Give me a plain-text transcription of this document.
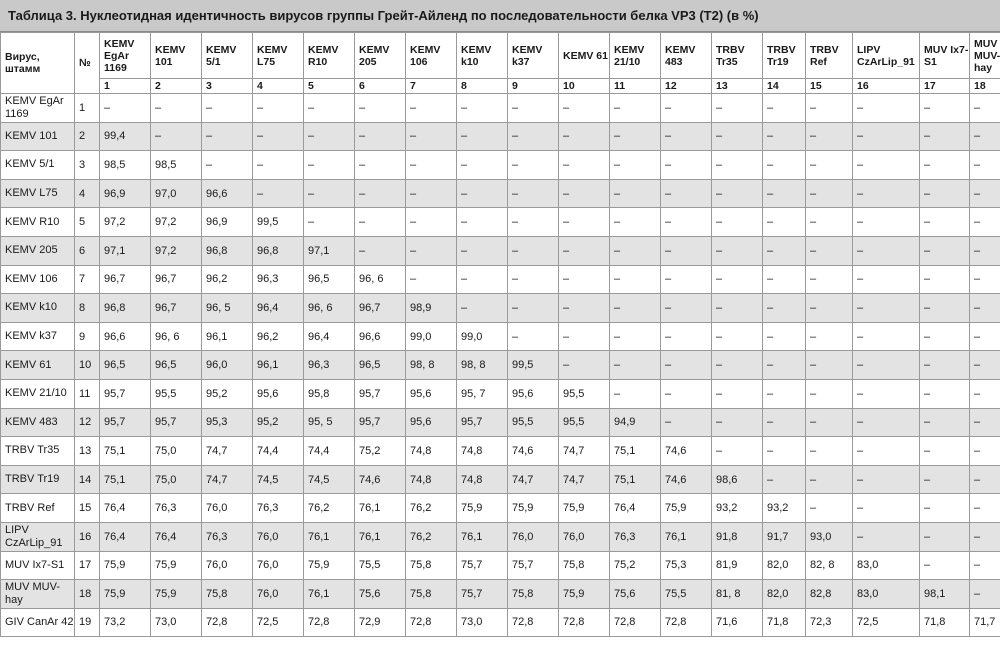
Таблица 3. Нуклеотидная идентичность вирусов группы Грейт-Айленд по последовательности белка VP3 (T2) (в %)
Вирус, штамм	№	KEMV EgAr 1169	KEMV 101	KEMV 5/1	KEMV L75	KEMV R10	KEMV 205	KEMV 106	KEMV k10	KEMV k37	KEMV 61	KEMV 21/10	KEMV 483	TRBV Tr35	TRBV Tr19	TRBV Ref	LIPV CzArLip_91	MUV Ix7-S1	MUV MUV-hay
		1	2	3	4	5	6	7	8	9	10	11	12	13	14	15	16	17	18
KEMV EgAr 1169	1	–	–	–	–	–	–	–	–	–	–	–	–	–	–	–	–	–	–
KEMV 101	2	99,4	–	–	–	–	–	–	–	–	–	–	–	–	–	–	–	–	–
KEMV 5/1	3	98,5	98,5	–	–	–	–	–	–	–	–	–	–	–	–	–	–	–	–
KEMV L75	4	96,9	97,0	96,6	–	–	–	–	–	–	–	–	–	–	–	–	–	–	–
KEMV R10	5	97,2	97,2	96,9	99,5	–	–	–	–	–	–	–	–	–	–	–	–	–	–
KEMV 205	6	97,1	97,2	96,8	96,8	97,1	–	–	–	–	–	–	–	–	–	–	–	–	–
KEMV 106	7	96,7	96,7	96,2	96,3	96,5	96, 6	–	–	–	–	–	–	–	–	–	–	–	–
KEMV k10	8	96,8	96,7	96, 5	96,4	96, 6	96,7	98,9	–	–	–	–	–	–	–	–	–	–	–
KEMV k37	9	96,6	96, 6	96,1	96,2	96,4	96,6	99,0	99,0	–	–	–	–	–	–	–	–	–	–
KEMV 61	10	96,5	96,5	96,0	96,1	96,3	96,5	98, 8	98, 8	99,5	–	–	–	–	–	–	–	–	–
KEMV 21/10	11	95,7	95,5	95,2	95,6	95,8	95,7	95,6	95, 7	95,6	95,5	–	–	–	–	–	–	–	–
KEMV 483	12	95,7	95,7	95,3	95,2	95, 5	95,7	95,6	95,7	95,5	95,5	94,9	–	–	–	–	–	–	–
TRBV Tr35	13	75,1	75,0	74,7	74,4	74,4	75,2	74,8	74,8	74,6	74,7	75,1	74,6	–	–	–	–	–	–
TRBV Tr19	14	75,1	75,0	74,7	74,5	74,5	74,6	74,8	74,8	74,7	74,7	75,1	74,6	98,6	–	–	–	–	–
TRBV Ref	15	76,4	76,3	76,0	76,3	76,2	76,1	76,2	75,9	75,9	75,9	76,4	75,9	93,2	93,2	–	–	–	–
LIPV CzArLip_91	16	76,4	76,4	76,3	76,0	76,1	76,1	76,2	76,1	76,0	76,0	76,3	76,1	91,8	91,7	93,0	–	–	–
MUV Ix7-S1	17	75,9	75,9	76,0	76,0	75,9	75,5	75,8	75,7	75,7	75,8	75,2	75,3	81,9	82,0	82, 8	83,0	–	–
MUV MUV-hay	18	75,9	75,9	75,8	76,0	76,1	75,6	75,8	75,7	75,8	75,9	75,6	75,5	81, 8	82,0	82,8	83,0	98,1	–
GIV CanAr 42	19	73,2	73,0	72,8	72,5	72,8	72,9	72,8	73,0	72,8	72,8	72,8	72,8	71,6	71,8	72,3	72,5	71,8	71,7
